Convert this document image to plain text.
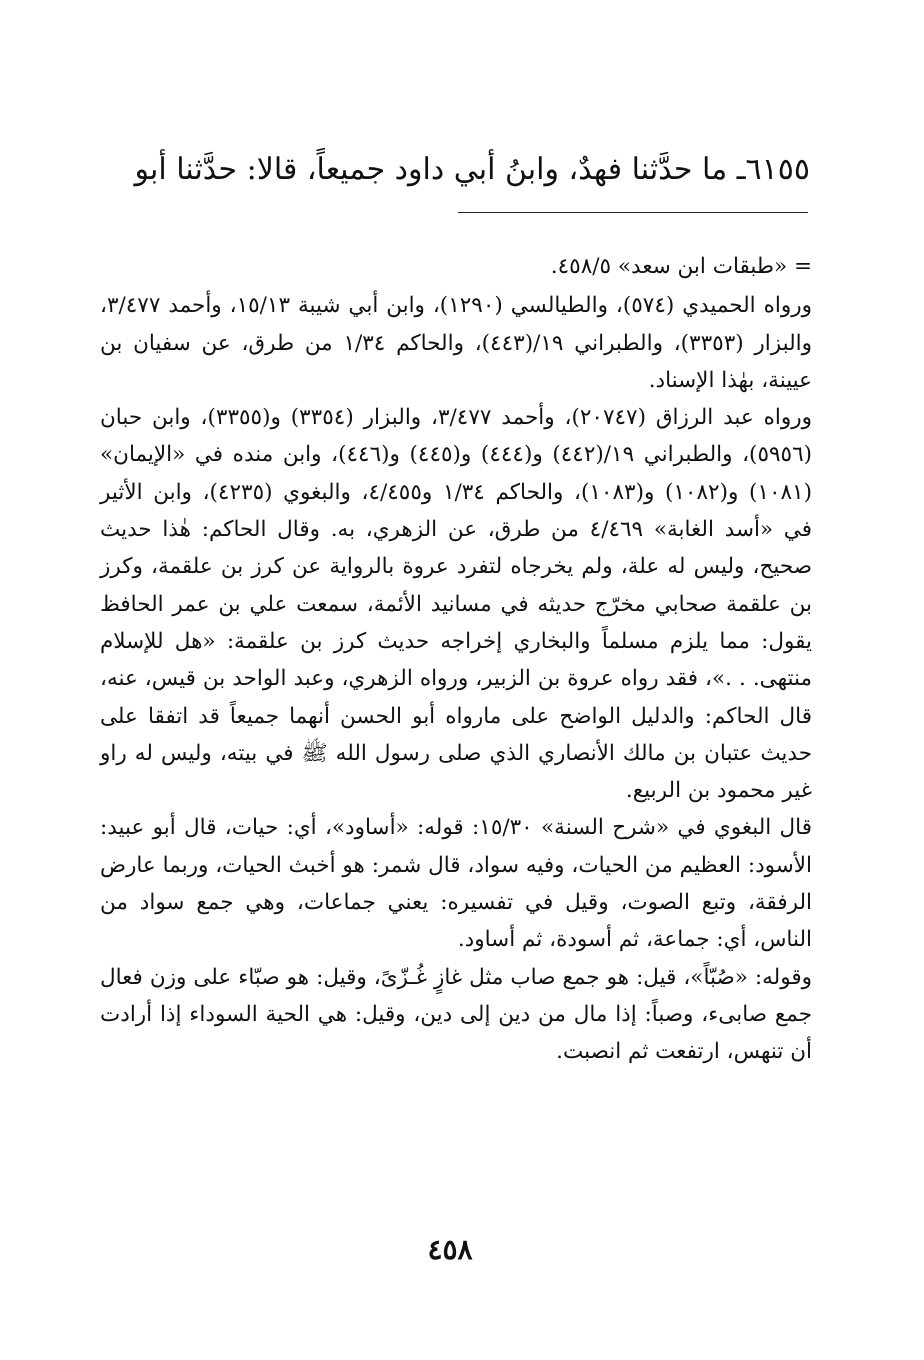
٦١٥٥ـ ما حدَّثنا فهدٌ، وابنُ أبي داود جميعاً، قالا: حدَّثنا أبو

= «طبقات ابن سعد» ٤٥٨/٥.

ورواه الحميدي (٥٧٤)، والطيالسي (١٢٩٠)، وابن أبي شيبة ١٥/١٣، وأحمد ٣/٤٧٧، والبزار (٣٣٥٣)، والطبراني ١٩/(٤٤٣)، والحاكم ١/٣٤ من طرق، عن سفيان بن عيينة، بهٰذا الإسناد.

ورواه عبد الرزاق (٢٠٧٤٧)، وأحمد ٣/٤٧٧، والبزار (٣٣٥٤) و(٣٣٥٥)، وابن حبان (٥٩٥٦)، والطبراني ١٩/(٤٤٢) و(٤٤٤) و(٤٤٥) و(٤٤٦)، وابن منده في «الإيمان» (١٠٨١) و(١٠٨٢) و(١٠٨٣)، والحاكم ١/٣٤ و٤/٤٥٥، والبغوي (٤٢٣٥)، وابن الأثير في «أسد الغابة» ٤/٤٦٩ من طرق، عن الزهري، به. وقال الحاكم: هٰذا حديث صحيح، وليس له علة، ولم يخرجاه لتفرد عروة بالرواية عن كرز بن علقمة، وكرز بن علقمة صحابي مخرّج حديثه في مسانيد الأئمة، سمعت علي بن عمر الحافظ يقول: مما يلزم مسلماً والبخاري إخراجه حديث كرز بن علقمة: «هل للإسلام منتهى. . .»، فقد رواه عروة بن الزبير، ورواه الزهري، وعبد الواحد بن قيس، عنه، قال الحاكم: والدليل الواضح على ماروا‌ه أبو الحسن أنهما جميعاً قد اتفقا على حديث عتبان بن مالك الأنصاري الذي صلى رسول الله ﷺ في بيته، وليس له راو غير محمود بن الربيع.

قال البغوي في «شرح السنة» ١٥/٣٠: قوله: «أساود»، أي: حيات، قال أبو عبيد: الأسود: العظيم من الحيات، وفيه سواد، قال شمر: هو أخبث الحيات، وربما عارض الرفقة، وتبع الصوت، وقيل في تفسيره: يعني جماعات، وهي جمع سواد من الناس، أي: جماعة، ثم أسودة، ثم أساود.

وقوله: «صُبّاً»، قيل: هو جمع صاب مثل غازٍ غُـزّىً، وقيل: هو صبّاء على وزن فعال جمع صابىء، وصباً: إذا مال من دين إلى دين، وقيل: هي الحية السوداء إذا أرادت أن تنهس، ارتفعت ثم انصبت.

٤٥٨
